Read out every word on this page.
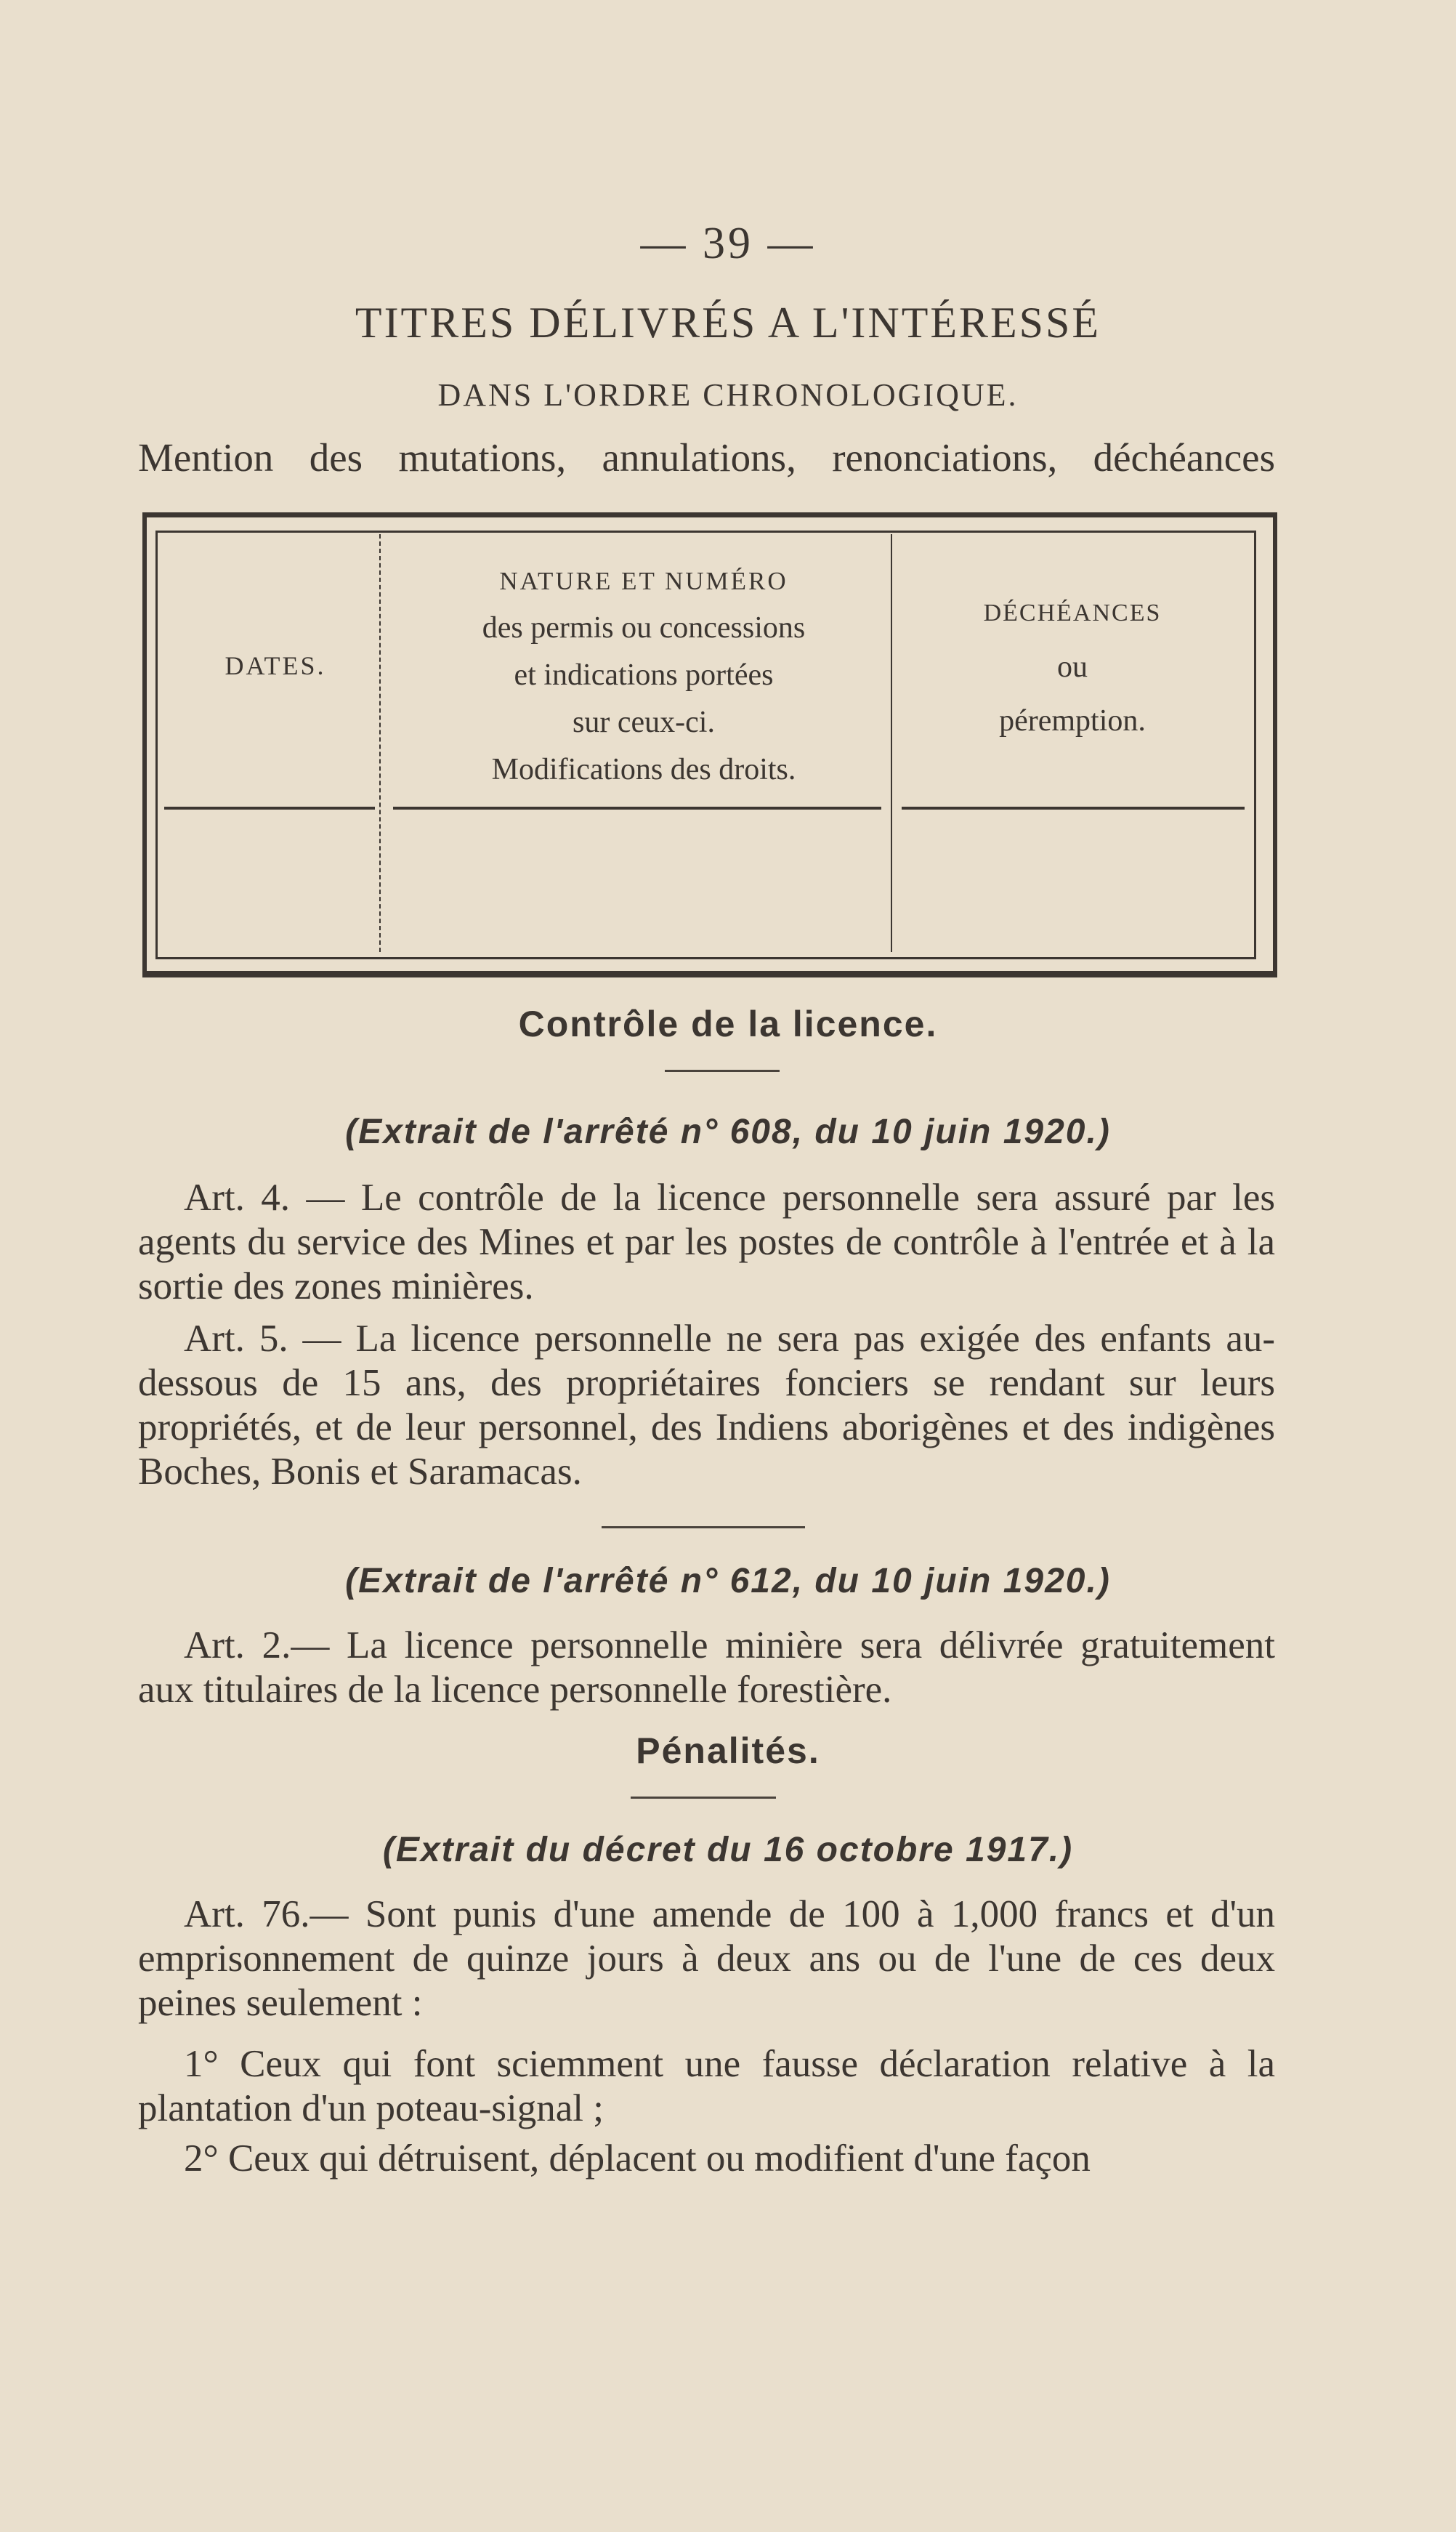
— 39 —
TITRES DÉLIVRÉS A L'INTÉRESSÉ
DANS L'ORDRE CHRONOLOGIQUE.
Mention des mutations, annulations, renonciations, déchéances
DATES.
NATURE ET NUMÉRO
des permis ou concessions
et indications portées
sur ceux-ci.
Modifications des droits.
DÉCHÉANCES
ou
péremption.
Contrôle de la licence.
(Extrait de l'arrêté n° 608, du 10 juin 1920.)
Art. 4. — Le contrôle de la licence personnelle sera assuré par les agents du service des Mines et par les postes de contrôle à l'entrée et à la sortie des zones minières.
Art. 5. — La licence personnelle ne sera pas exigée des enfants au-dessous de 15 ans, des propriétaires fonciers se rendant sur leurs propriétés, et de leur personnel, des Indiens aborigènes et des indigènes Boches, Bonis et Saramacas.
(Extrait de l'arrêté n° 612, du 10 juin 1920.)
Art. 2.— La licence personnelle minière sera délivrée gratuitement aux titulaires de la licence personnelle forestière.
Pénalités.
(Extrait du décret du 16 octobre 1917.)
Art. 76.— Sont punis d'une amende de 100 à 1,000 francs et d'un emprisonnement de quinze jours à deux ans ou de l'une de ces deux peines seulement :
1° Ceux qui font sciemment une fausse déclaration relative à la plantation d'un poteau-signal ;
2° Ceux qui détruisent, déplacent ou modifient d'une façon
